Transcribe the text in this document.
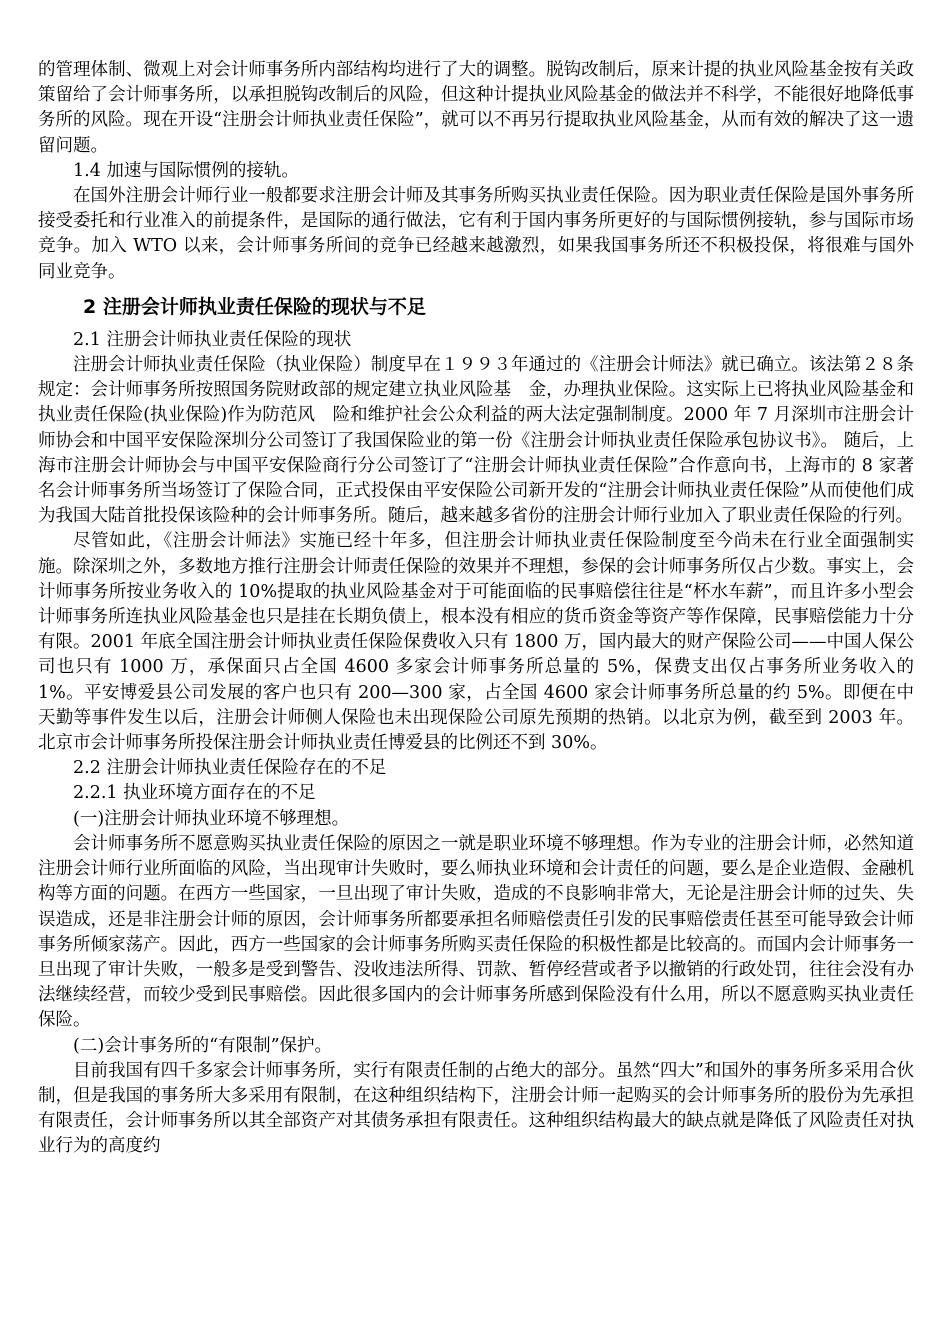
的管理体制、微观上对会计师事务所内部结构均进行了大的调整。脱钩改制后，原来计提的执业风险基金按有关政策留给了会计师事务所，以承担脱钩改制后的风险，但这种计提执业风险基金的做法并不科学，不能很好地降低事务所的风险。现在开设“注册会计师执业责任保险”，就可以不再另行提取执业风险基金，从而有效的解决了这一遗留问题。

1.4 加速与国际惯例的接轨。

在国外注册会计师行业一般都要求注册会计师及其事务所购买执业责任保险。因为职业责任保险是国外事务所接受委托和行业准入的前提条件，是国际的通行做法，它有利于国内事务所更好的与国际惯例接轨，参与国际市场竞争。加入 WTO 以来，会计师事务所间的竞争已经越来越激烈，如果我国事务所还不积极投保，将很难与国外同业竞争。

2 注册会计师执业责任保险的现状与不足

2.1 注册会计师执业责任保险的现状

注册会计师执业责任保险（执业保险）制度早在１９９３年通过的《注册会计师法》就已确立。该法第２８条规定：会计师事务所按照国务院财政部的规定建立执业风险基　金，办理执业保险。这实际上已将执业风险基金和执业责任保险(执业保险)作为防范风　险和维护社会公众利益的两大法定强制制度。2000 年 7 月深圳市注册会计师协会和中国平安保险深圳分公司签订了我国保险业的第一份《注册会计师执业责任保险承包协议书》。 随后，上海市注册会计师协会与中国平安保险商行分公司签订了“注册会计师执业责任保险”合作意向书，上海市的 8 家著名会计师事务所当场签订了保险合同，正式投保由平安保险公司新开发的“注册会计师执业责任保险”从而使他们成为我国大陆首批投保该险种的会计师事务所。随后，越来越多省份的注册会计师行业加入了职业责任保险的行列。

尽管如此，《注册会计师法》实施已经十年多，但注册会计师执业责任保险制度至今尚未在行业全面强制实施。除深圳之外，多数地方推行注册会计师责任保险的效果并不理想，参保的会计师事务所仅占少数。事实上，会计师事务所按业务收入的 10%提取的执业风险基金对于可能面临的民事赔偿往往是“杯水车薪”，而且许多小型会计师事务所连执业风险基金也只是挂在长期负债上，根本没有相应的货币资金等资产等作保障，民事赔偿能力十分有限。2001 年底全国注册会计师执业责任保险保费收入只有 1800 万，国内最大的财产保险公司——中国人保公司也只有 1000 万，承保面只占全国 4600 多家会计师事务所总量的 5%，保费支出仅占事务所业务收入的 1%。平安博爱县公司发展的客户也只有 200—300 家，占全国 4600 家会计师事务所总量的约 5%。即便在中天勤等事件发生以后，注册会计师侧人保险也未出现保险公司原先预期的热销。以北京为例，截至到 2003 年。北京市会计师事务所投保注册会计师执业责任博爱县的比例还不到 30%。

2.2 注册会计师执业责任保险存在的不足

2.2.1 执业环境方面存在的不足

(一)注册会计师执业环境不够理想。

会计师事务所不愿意购买执业责任保险的原因之一就是职业环境不够理想。作为专业的注册会计师，必然知道注册会计师行业所面临的风险，当出现审计失败时，要么师执业环境和会计责任的问题，要么是企业造假、金融机构等方面的问题。在西方一些国家，一旦出现了审计失败，造成的不良影响非常大，无论是注册会计师的过失、失误造成，还是非注册会计师的原因，会计师事务所都要承担名师赔偿责任引发的民事赔偿责任甚至可能导致会计师事务所倾家荡产。因此，西方一些国家的会计师事务所购买责任保险的积极性都是比较高的。而国内会计师事务一旦出现了审计失败，一般多是受到警告、没收违法所得、罚款、暂停经营或者予以撤销的行政处罚，往往会没有办法继续经营，而较少受到民事赔偿。因此很多国内的会计师事务所感到保险没有什么用，所以不愿意购买执业责任保险。

(二)会计事务所的“有限制”保护。

目前我国有四千多家会计师事务所，实行有限责任制的占绝大的部分。虽然“四大”和国外的事务所多采用合伙制，但是我国的事务所大多采用有限制，在这种组织结构下，注册会计师一起购买的会计师事务所的股份为先承担有限责任，会计师事务所以其全部资产对其债务承担有限责任。这种组织结构最大的缺点就是降低了风险责任对执业行为的高度约
